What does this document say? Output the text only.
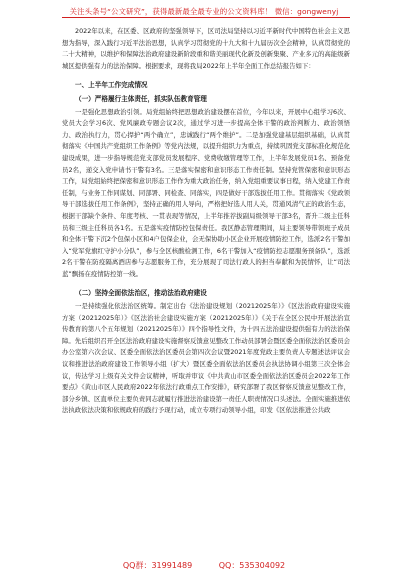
关注头条号“公文研究”，获得最新最全最专业的公文资料库！ 微信：gongwenyj

2022年以来，在区委、区政府的坚强领导下，区司法局坚持以习近平新时代中国特色社会主义思想为指导，深入践行习近平法治思想，认真学习贯彻党的十九大和十九届历次全会精神，认真贯彻党的二十大精神，以维护和保障法治政府建设新阶段重和谐美丽现代化新及创新集聚、产业多元的高能级新城区提供强有力的法治保障。根据要求，现将我局2022年上半年全面工作总结报告如下：

一、上半年工作完成情况
（一）严格履行主体责任，抓实队伍教育管理

一是强化思想政治引领。局党组始终把思想政治建设摆在首位，今年以来，开展中心组学习6次、党员大会学习6次、党风廉政专题会议2次，通过学习进一步提高全体干警的政治判断力、政治领悟力、政治执行力，贯心捍护“两个确立”，忠诚践行“两个维护”。二是加强党建基层组织基础，认真贯彻落实《中国共产党组织工作条例》等党内法规，以提升组织力为重点，持续巩固党支部标准化规范化建设成果，进一步指导规范党支部党员发展程序、党费收缴管理等工作，上半年发展党员1名、预备党员2名，递交入党申请书干警有3名。三是落实保密和意识形态工作责任制。坚持党管保密和意识形态工作，局党组始终把保密和意识形态工作作为重大政治任务，纳入党组重要议事日程，纳入党建工作责任制，与业务工作同谋划、同部署、同检查、同落实，四是做好干部选拔任用工作。贯彻落实《党政领导干部选拔任用工作条例》，坚持正确的用人导向，严格把好选人用人关，贯通风清气正的政治生态，根据干部缺个条件、年度考核、一贯表现等情况，上半年推荐拔副局级领导干部3名，晋升二级主任科员和三级主任科员各1名。五是落实疫情防控包保责任。我区静态管理期间，局主要领导带领班子成员和全体干警下沉2个包保小区和4户包保企业，会无保协助小区企业开展疫情防控工作，选派2名干警加入“党军党旗红守护小分队”，参与全区核酸检测工作，6名干警加入“疫情防控志愿服务预备队”，选派2名干警在防疫隔离酒店参与志愿服务工作，充分展现了司法行政人的担当奉献和为民情怀，让“司法蓝”飘扬在疫情防控第一线。

（二）坚持全面依法治区，推动法治政府建设

一是持续强化依法治区统筹。制定出台《法治建设规划（20212025年）》《区法治政府建设实施方案（20212025年）》《区法治社会建设实施方案（20212025年）》《关于在全区公民中开展法治宣传教育的第八个五年规划（20212025年）》四个指导性文件，为十四五法治建设提供强有力的法治保障。先后组织召开全区法治政府建设实施督察反馈意见整改工作动员部署会暨区委全面依法治区委员会办公室第六次会议、区委全面依法治区委员会第四次会议暨2021年度党政主要负责人专题述法评议会议和推进法治政府建设工作领导小组（扩大）暨区委全面依法治区委员会执法协调小组第三次全体会议，传达学习上级有关文件会议精神，听取并审议《中共黄山市区委全面依法治区委员会2022年工作要点》《黄山市区人民政府2022年依法行政重点工作安排》，研究部署了我区督察反馈意见整改工作，部分乡镇、区直单位主要负责同志就履行推进法治建设第一责任人职责情况口头述法。全面实施推进依法执政依法决策和依规政府的践行予现行动，成立专项行动领导小组，印发《区依法推进公共政

QQ群：31991489	QQ：535304092
